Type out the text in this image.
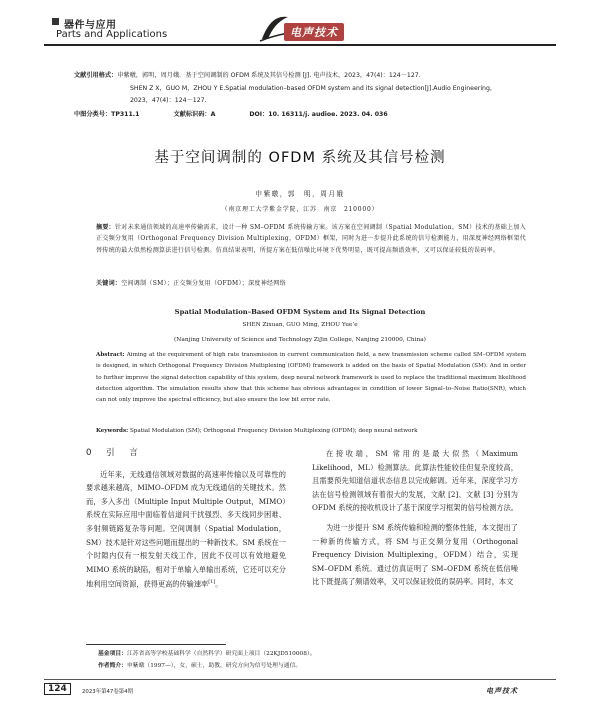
器件与应用
Parts and Applications	电声技术
文献引用格式：申紫暾，郭明，周月娥．基于空间调制的 OFDM 系统及其信号检测 [J]. 电声技术，2023，47(4)：124－127.
SHEN Z X，GUO M，ZHOU Y E.Spatial modulation–based OFDM system and its signal detection[J].Audio Engineering，
2023，47(4)：124－127.
中图分类号：TP311.1	文献标识码：A	DOI：10. 16311/j. audioe. 2023. 04. 036
基于空间调制的 OFDM 系统及其信号检测
申紫暾，郭　明，周月娥
（南京理工大学紫金学院，江苏　南京　210000）
摘要：针对未来通信领域的高速率传输需求，设计一种 SM–OFDM 系统传输方案。该方案在空间调制（Spatial Modulation，SM）技术的基础上加入正交频分复用（Orthogonal Frequency Division Multiplexing，OFDM）框架，同时为进一步提升此系统的信号检测能力，用深度神经网络框架代替传统的最大似然检测算法进行信号检测。仿真结果表明，所提方案在低信噪比环境下优势明显，既可提高频谱效率，又可以保证较低的误码率。
关键词：空间调制（SM）；正交频分复用（OFDM）；深度神经网络
Spatial Modulation–Based OFDM System and Its Signal Detection
SHEN Zixuan, GUO Ming, ZHOU Yue’e
(Nanjing University of Science and Technology ZiJin College, Nanjing 210000, China)
Abstract: Aiming at the requirement of high rate transmission in current communication field, a new transmission scheme called SM–OFDM system is designed, in which Orthogonal Frequency Division Multiplexing (OFDM) framework is added on the basis of Spatial Modulation (SM). And in order to further improve the signal detection capability of this system, deep neural network framework is used to replace the traditional maximum likelihood detection algorithm. The simulation results show that this scheme has obvious advantages in condition of lower Signal–to–Noise Ratio(SNR), which can not only improve the spectral efficiency, but also ensure the low bit error rate.
Keywords: Spatial Modulation (SM); Orthogonal Frequency Division Multiplexing (OFDM); deep neural network
0　引　言
近年来，无线通信领域对数据的高速率传输以及可靠性的要求越来越高，MIMO–OFDM 成为无线通信的关键技术。然而，多入多出（Multiple Input Multiple Output，MIMO）系统在实际应用中面临着信道间干扰强烈、多天线同步困难、多射频链路复杂等问题。空间调制（Spatial Modulation，SM）技术是针对这些问题而提出的一种新技术。SM 系统在一个时隙内仅有一根发射天线工作，因此不仅可以有效地避免 MIMO 系统的缺陷，相对于单输入单输出系统，它还可以充分地利用空间资源，获得更高的传输速率[1]。
在接收端，SM 常用的是最大似然（Maximum Likelihood，ML）检测算法。此算法性能较佳但复杂度较高，且需要预先知道信道状态信息以完成解调。近年来，深度学习方法在信号检测领域有着很大的发展，文献 [2]、文献 [3] 分别为 OFDM 系统的接收机设计了基于深度学习框架的信号检测方法。
为进一步提升 SM 系统传输和检测的整体性能，本文提出了一种新的传输方式，将 SM 与正交频分复用（Orthogonal Frequency Division Multiplexing，OFDM）结合，实现 SM–OFDM 系统。通过仿真证明了 SM–OFDM 系统在低信噪比下既提高了频谱效率，又可以保证较低的误码率。同时，本文
基金项目：江苏省高等学校基础科学（自然科学）研究面上项目（22KJD510008）。
作者简介：申紫暾（1997—），女，硕士，助教，研究方向为信号处理与通信。
124	2023年第47卷第4期	电声技术
